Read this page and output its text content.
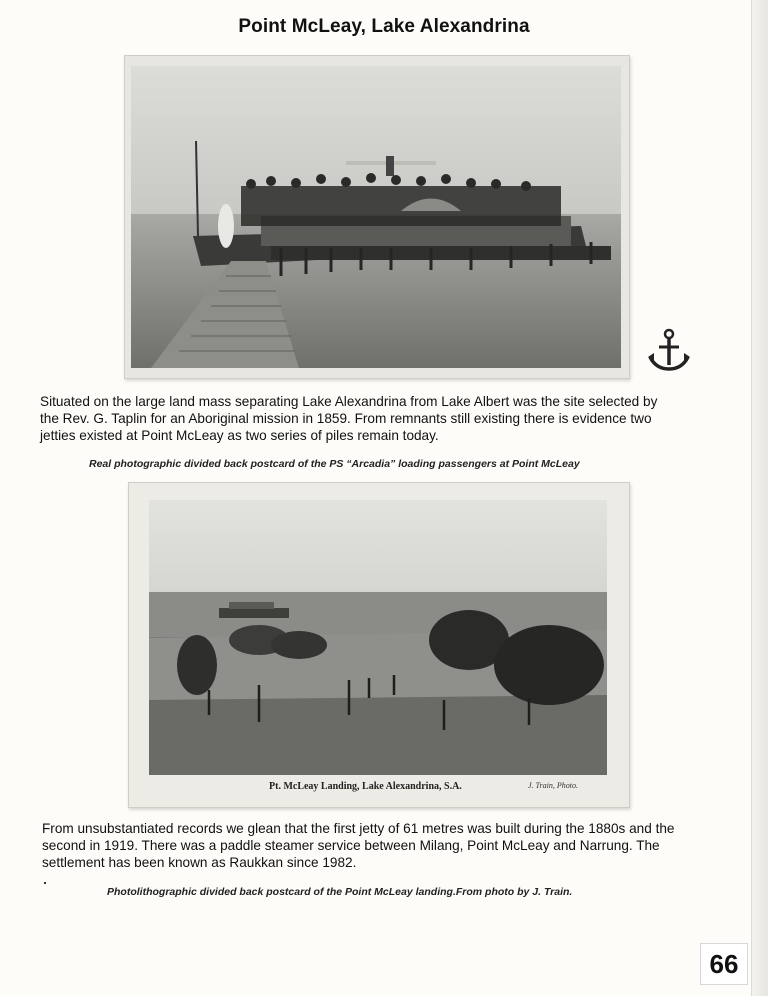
Point McLeay, Lake Alexandrina
Situated on the large land mass separating Lake Alexandrina from Lake Albert was the site selected by the Rev. G. Taplin for an Aboriginal mission in 1859. From remnants still existing there is evidence two jetties existed at Point McLeay as two series of piles remain today.
Real photographic divided back postcard of the PS “Arcadia” loading passengers at Point McLeay
Pt. McLeay Landing, Lake Alexandrina, S.A.	J. Train, Photo.
From unsubstantiated records we glean that the first jetty of 61 metres was built during the 1880s and the second in 1919. There was a paddle steamer service between Milang, Point McLeay and Narrung. The settlement has been known as Raukkan since 1982.
Photolithographic divided back postcard of the Point McLeay landing.From photo by J. Train.
66
